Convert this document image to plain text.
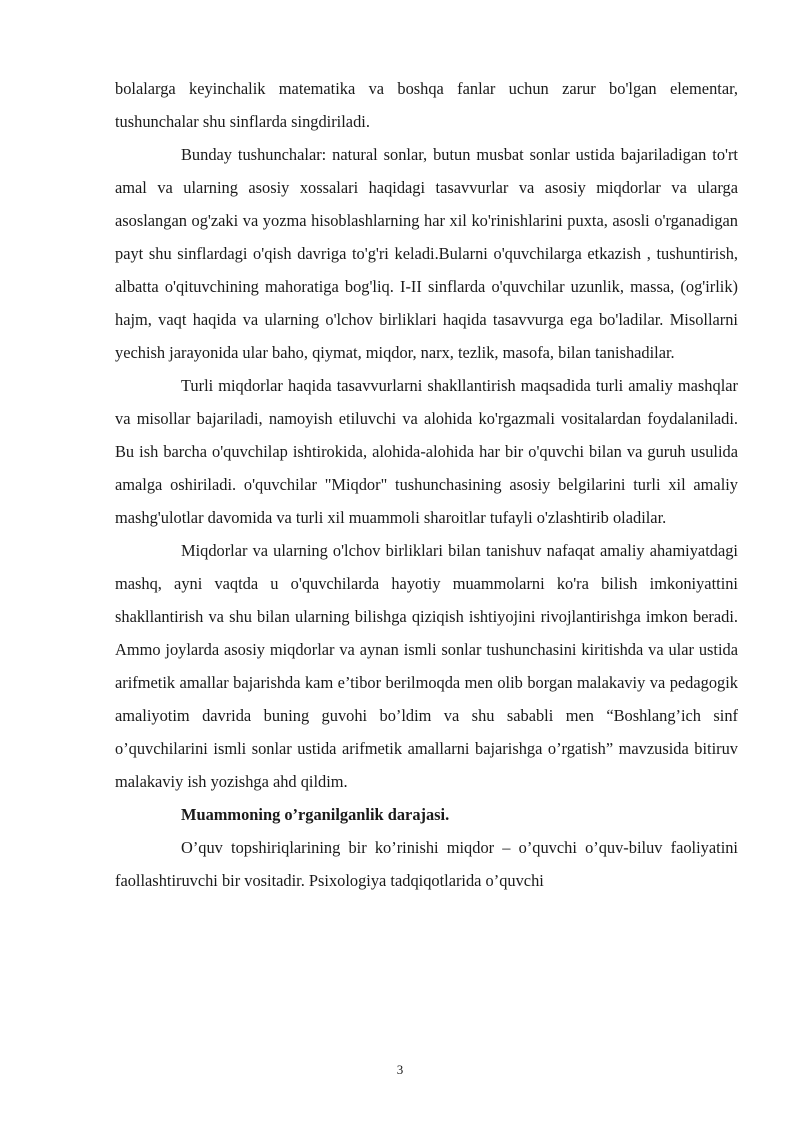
bolalarga keyinchalik matematika va boshqa fanlar uchun zarur bo'lgan elementar, tushunchalar shu sinflarda singdiriladi.

Bunday tushunchalar: natural sonlar, butun musbat sonlar ustida bajariladigan to'rt amal va ularning asosiy xossalari haqidagi tasavvurlar va asosiy miqdorlar va ularga asoslangan og'zaki va yozma hisoblashlarning har xil ko'rinishlarini puxta, asosli o'rganadigan payt shu sinflardagi o'qish davriga to'g'ri keladi.Bularni o'quvchilarga etkazish , tushuntirish, albatta o'qituvchining mahoratiga bog'liq. I-II sinflarda o'quvchilar uzunlik, massa, (og'irlik) hajm, vaqt haqida va ularning o'lchov birliklari haqida tasavvurga ega bo'ladilar. Misollarni yechish jarayonida ular baho, qiymat, miqdor, narx, tezlik, masofa, bilan tanishadilar.

Turli miqdorlar haqida tasavvurlarni shakllantirish maqsadida turli amaliy mashqlar va misollar bajariladi, namoyish etiluvchi va alohida ko'rgazmali vositalardan foydalaniladi. Bu ish barcha o'quvchilap ishtirokida, alohida-alohida har bir o'quvchi bilan va guruh usulida amalga oshiriladi. o'quvchilar "Miqdor" tushunchasining asosiy belgilarini turli xil amaliy mashg'ulotlar davomida va turli xil muammoli sharoitlar tufayli o'zlashtirib oladilar.

Miqdorlar va ularning o'lchov birliklari bilan tanishuv nafaqat amaliy ahamiyatdagi mashq, ayni vaqtda u o'quvchilarda hayotiy muammolarni ko'ra bilish imkoniyattini shakllantirish va shu bilan ularning bilishga qiziqish ishtiyojini rivojlantirishga imkon beradi. Ammo joylarda asosiy miqdorlar va aynan ismli sonlar tushunchasini kiritishda va ular ustida arifmetik amallar bajarishda kam e’tibor berilmoqda men olib borgan malakaviy va pedagogik amaliyotim davrida buning guvohi bo’ldim va shu sababli men “Boshlang’ich sinf o’quvchilarini ismli sonlar ustida arifmetik amallarni bajarishga o’rgatish” mavzusida bitiruv malakaviy ish yozishga ahd qildim.

Muammoning o’rganilganlik darajasi.

O’quv topshiriqlarining bir ko’rinishi miqdor – o’quvchi o’quv-biluv faoliyatini faollashtiruvchi bir vositadir. Psixologiya tadqiqotlarida o’quvchi

3
